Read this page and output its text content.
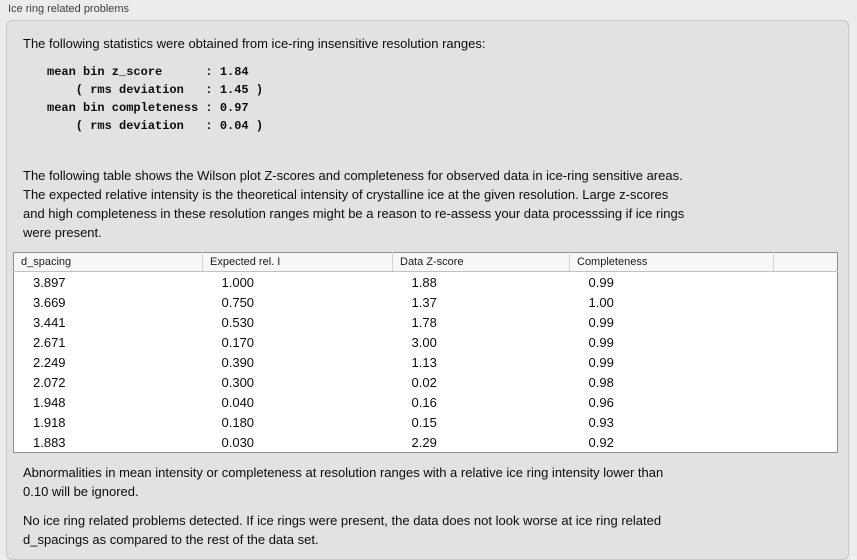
Ice ring related problems
The following statistics were obtained from ice-ring insensitive resolution ranges:
mean bin z_score      : 1.84
( rms deviation   : 1.45 )
mean bin completeness : 0.97
( rms deviation   : 0.04 )
The following table shows the Wilson plot Z-scores and completeness for observed data in ice-ring sensitive areas.
The expected relative intensity is the theoretical intensity of crystalline ice at the given resolution. Large z-scores
and high completeness in these resolution ranges might be a reason to re-assess your data processsing if ice rings
were present.
d_spacing	Expected rel. I	Data Z-score	Completeness	
3.897	1.000	1.88	0.99	
3.669	0.750	1.37	1.00	
3.441	0.530	1.78	0.99	
2.671	0.170	3.00	0.99	
2.249	0.390	1.13	0.99	
2.072	0.300	0.02	0.98	
1.948	0.040	0.16	0.96	
1.918	0.180	0.15	0.93	
1.883	0.030	2.29	0.92	
Abnormalities in mean intensity or completeness at resolution ranges with a relative ice ring intensity lower than
0.10 will be ignored.
No ice ring related problems detected. If ice rings were present, the data does not look worse at ice ring related
d_spacings as compared to the rest of the data set.
